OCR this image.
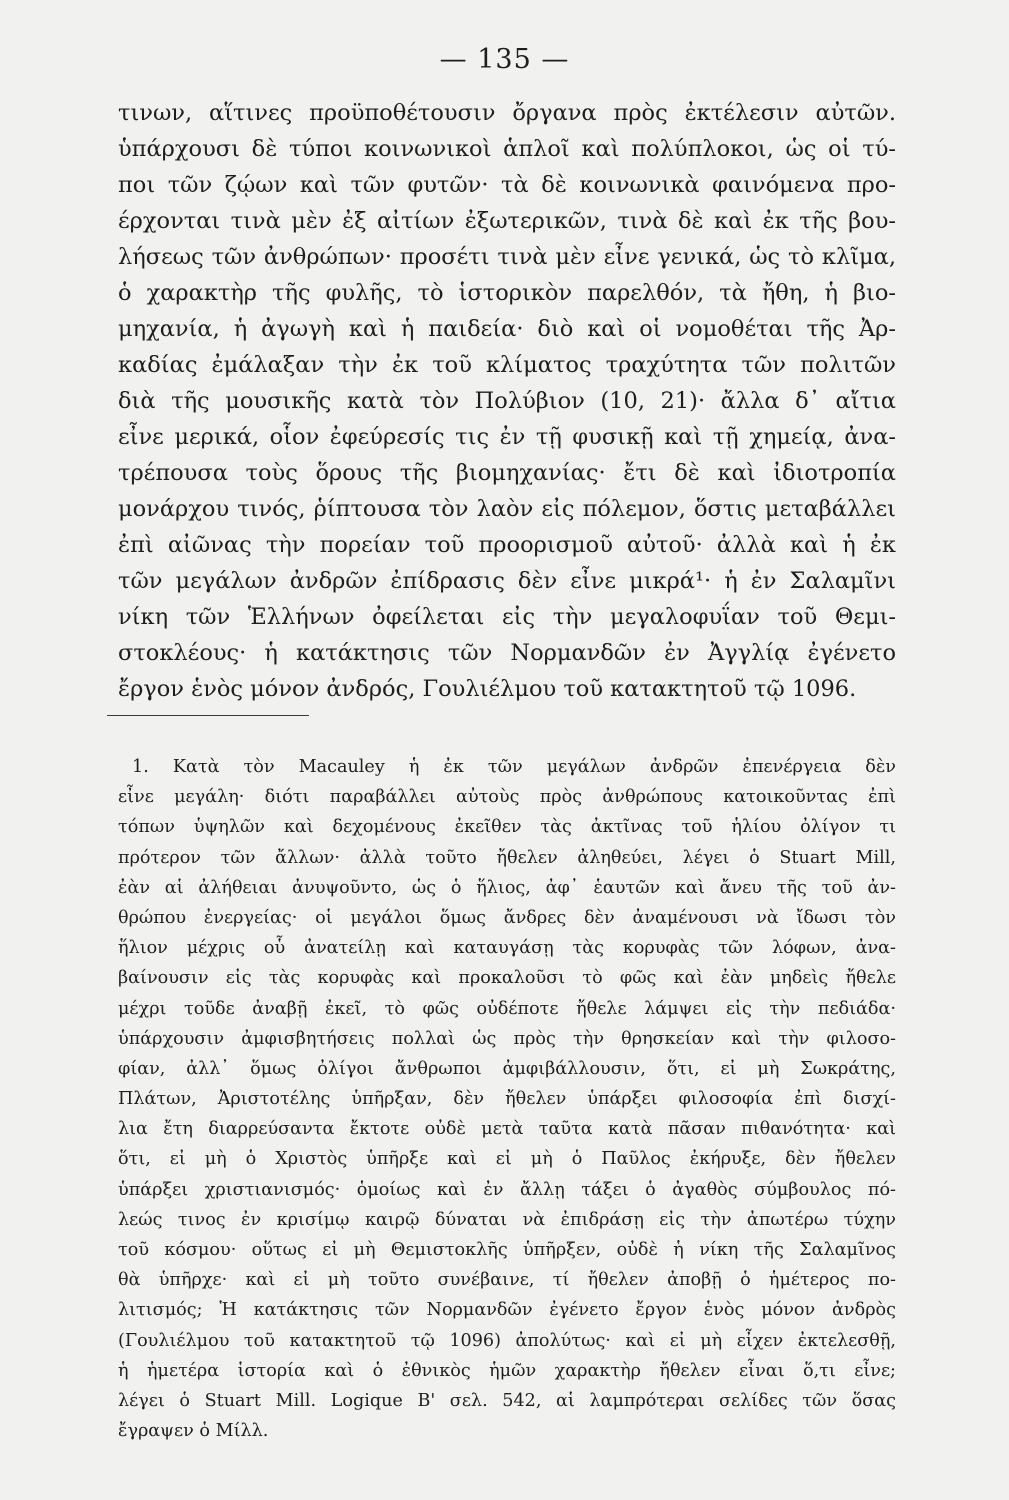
— 135 —
τινων, αἵτινες προϋποθέτουσιν ὄργανα πρὸς ἐκτέλεσιν αὐτῶν.
ὑπάρχουσι δὲ τύποι κοινωνικοὶ ἁπλοῖ καὶ πολύπλοκοι, ὡς οἱ τύ-
ποι τῶν ζῴων καὶ τῶν φυτῶν· τὰ δὲ κοινωνικὰ φαινόμενα προ-
έρχονται τινὰ μὲν ἐξ αἰτίων ἐξωτερικῶν, τινὰ δὲ καὶ ἐκ τῆς βου-
λήσεως τῶν ἀνθρώπων· προσέτι τινὰ μὲν εἶνε γενικά, ὡς τὸ κλῖμα,
ὁ χαρακτὴρ τῆς φυλῆς, τὸ ἱστορικὸν παρελθόν, τὰ ἤθη, ἡ βιο-
μηχανία, ἡ ἀγωγὴ καὶ ἡ παιδεία· διὸ καὶ οἱ νομοθέται τῆς Ἀρ-
καδίας ἐμάλαξαν τὴν ἐκ τοῦ κλίματος τραχύτητα τῶν πολιτῶν
διὰ τῆς μουσικῆς κατὰ τὸν Πολύβιον (10, 21)· ἄλλα δ᾽ αἴτια
εἶνε μερικά, οἷον ἐφεύρεσίς τις ἐν τῇ φυσικῇ καὶ τῇ χημείᾳ, ἀνα-
τρέπουσα τοὺς ὅρους τῆς βιομηχανίας· ἔτι δὲ καὶ ἰδιοτροπία
μονάρχου τινός, ῥίπτουσα τὸν λαὸν εἰς πόλεμον, ὅστις μεταβάλλει
ἐπὶ αἰῶνας τὴν πορείαν τοῦ προορισμοῦ αὐτοῦ· ἀλλὰ καὶ ἡ ἐκ
τῶν μεγάλων ἀνδρῶν ἐπίδρασις δὲν εἶνε μικρά¹· ἡ ἐν Σαλαμῖνι
νίκη τῶν Ἑλλήνων ὀφείλεται εἰς τὴν μεγαλοφυΐαν τοῦ Θεμι-
στοκλέους· ἡ κατάκτησις τῶν Νορμανδῶν ἐν Ἀγγλίᾳ ἐγένετο
ἔργον ἑνὸς μόνον ἀνδρός, Γουλιέλμου τοῦ κατακτητοῦ τῷ 1096.
1. Κατὰ τὸν Macauley ἡ ἐκ τῶν μεγάλων ἀνδρῶν ἐπενέργεια δὲν
εἶνε μεγάλη· διότι παραβάλλει αὐτοὺς πρὸς ἀνθρώπους κατοικοῦντας ἐπὶ
τόπων ὑψηλῶν καὶ δεχομένους ἐκεῖθεν τὰς ἀκτῖνας τοῦ ἡλίου ὀλίγον τι
πρότερον τῶν ἄλλων· ἀλλὰ τοῦτο ἤθελεν ἀληθεύει, λέγει ὁ Stuart Mill,
ἐὰν αἱ ἀλήθειαι ἀνυψοῦντο, ὡς ὁ ἥλιος, ἀφ᾽ ἑαυτῶν καὶ ἄνευ τῆς τοῦ ἀν-
θρώπου ἐνεργείας· οἱ μεγάλοι ὅμως ἄνδρες δὲν ἀναμένουσι νὰ ἴδωσι τὸν
ἥλιον μέχρις οὗ ἀνατείλῃ καὶ καταυγάσῃ τὰς κορυφὰς τῶν λόφων, ἀνα-
βαίνουσιν εἰς τὰς κορυφὰς καὶ προκαλοῦσι τὸ φῶς καὶ ἐὰν μηδεὶς ἤθελε
μέχρι τοῦδε ἀναβῇ ἐκεῖ, τὸ φῶς οὐδέποτε ἤθελε λάμψει εἰς τὴν πεδιάδα·
ὑπάρχουσιν ἀμφισβητήσεις πολλαὶ ὡς πρὸς τὴν θρησκείαν καὶ τὴν φιλοσο-
φίαν, ἀλλ᾽ ὅμως ὀλίγοι ἄνθρωποι ἀμφιβάλλουσιν, ὅτι, εἰ μὴ Σωκράτης,
Πλάτων, Ἀριστοτέλης ὑπῆρξαν, δὲν ἤθελεν ὑπάρξει φιλοσοφία ἐπὶ δισχί-
λια ἔτη διαρρεύσαντα ἔκτοτε οὐδὲ μετὰ ταῦτα κατὰ πᾶσαν πιθανότητα· καὶ
ὅτι, εἰ μὴ ὁ Χριστὸς ὑπῆρξε καὶ εἰ μὴ ὁ Παῦλος ἐκήρυξε, δὲν ἤθελεν
ὑπάρξει χριστιανισμός· ὁμοίως καὶ ἐν ἄλλῃ τάξει ὁ ἀγαθὸς σύμβουλος πό-
λεώς τινος ἐν κρισίμῳ καιρῷ δύναται νὰ ἐπιδράσῃ εἰς τὴν ἀπωτέρω τύχην
τοῦ κόσμου· οὕτως εἰ μὴ Θεμιστοκλῆς ὑπῆρξεν, οὐδὲ ἡ νίκη τῆς Σαλαμῖνος
θὰ ὑπῆρχε· καὶ εἰ μὴ τοῦτο συνέβαινε, τί ἤθελεν ἀποβῇ ὁ ἡμέτερος πο-
λιτισμός; Ἡ κατάκτησις τῶν Νορμανδῶν ἐγένετο ἔργον ἑνὸς μόνον ἀνδρὸς
(Γουλιέλμου τοῦ κατακτητοῦ τῷ 1096) ἀπολύτως· καὶ εἰ μὴ εἶχεν ἐκτελεσθῇ,
ἡ ἡμετέρα ἱστορία καὶ ὁ ἐθνικὸς ἡμῶν χαρακτὴρ ἤθελεν εἶναι ὅ,τι εἶνε;
λέγει ὁ Stuart Mill. Logique B' σελ. 542, αἱ λαμπρότεραι σελίδες τῶν ὅσας
ἔγραψεν ὁ Μίλλ.
